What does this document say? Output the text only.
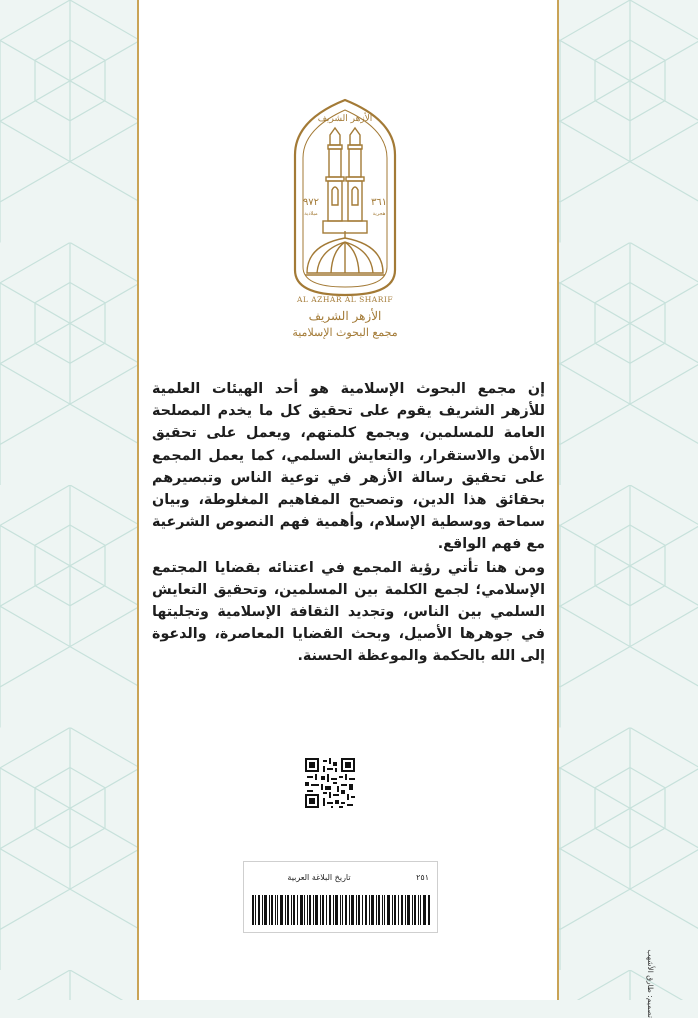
الأزهر الشريف
٣٦١
هجرية
٩٧٢
ميلادية
AL AZHAR AL SHARIF
الأزهر الشريف
مجمع البحوث الإسلامية

إن مجمع البحوث الإسلامية هو أحد الهيئات العلمية للأزهر الشريف يقوم على تحقيق كل ما يخدم المصلحة العامة للمسلمين، ويجمع كلمتهم، ويعمل على تحقيق الأمن والاستقرار، والتعايش السلمي، كما يعمل المجمع على تحقيق رسالة الأزهر في توعية الناس وتبصيرهم بحقائق هذا الدين، وتصحيح المفاهيم المغلوطة، وبيان سماحة ووسطية الإسلام، وأهمية فهم النصوص الشرعية مع فهم الواقع.

ومن هنا تأتي رؤية المجمع في اعتنائه بقضايا المجتمع الإسلامي؛ لجمع الكلمة بين المسلمين، وتحقيق التعايش السلمي بين الناس، وتجديد الثقافة الإسلامية وتجليتها في جوهرها الأصيل، وبحث القضايا المعاصرة، والدعوة إلى الله بالحكمة والموعظة الحسنة.

تاريخ البلاغة العربية	٢٥١
تصميم: طارق الأشهب
